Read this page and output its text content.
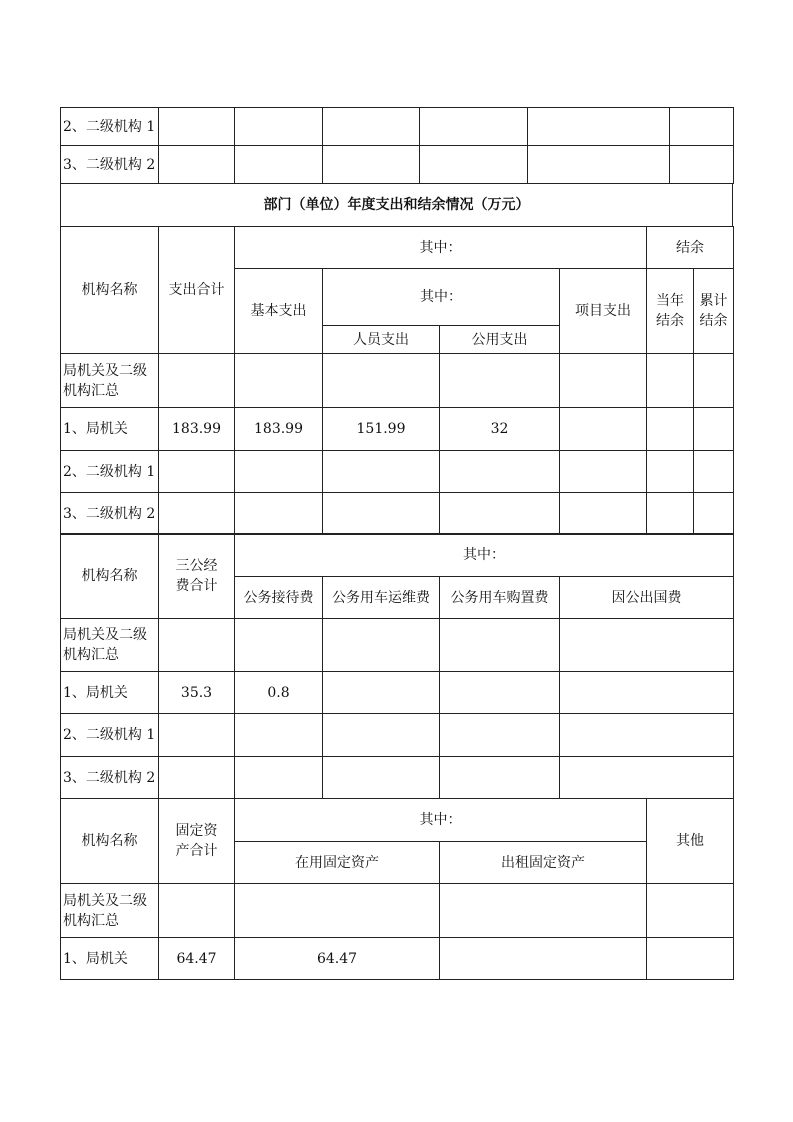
2、二级机构 1						
3、二级机构 2						
部门（单位）年度支出和结余情况（万元）
机构名称	支出合计	其中：				结余	
		基本支出	其中：		项目支出	当年结余	累计结余
			人员支出	公用支出			
局机关及二级机构汇总							
1、局机关	183.99	183.99	151.99	32			
2、二级机构 1							
3、二级机构 2							
机构名称	三公经费合计	其中：			
		公务接待费	公务用车运维费	公务用车购置费	因公出国费
局机关及二级机构汇总					
1、局机关	35.3	0.8			
2、二级机构 1					
3、二级机构 2					
机构名称	固定资产合计	其中：		其他
		在用固定资产	出租固定资产	
局机关及二级机构汇总				
1、局机关	64.47	64.47		
